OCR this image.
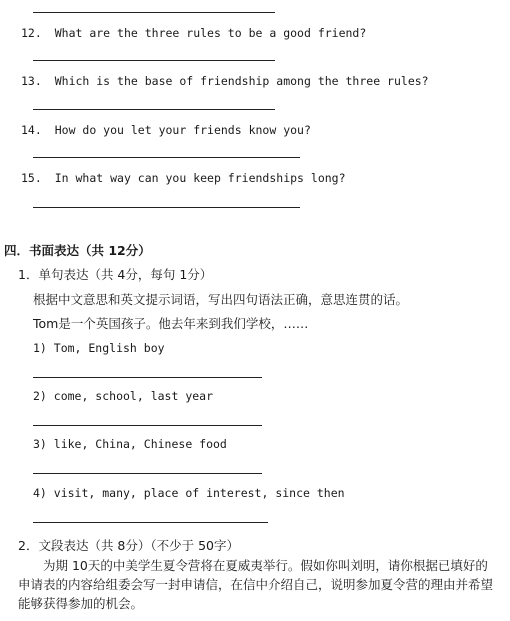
12. What are the three rules to be a good friend?
13. Which is the base of friendship among the three rules?
14. How do you let your friends know you?
15. In what way can you keep friendships long?
四．书面表达（共 12分）
1．单句表达（共 4分，每句 1分）
根据中文意思和英文提示词语，写出四句语法正确，意思连贯的话。
Tom是一个英国孩子。他去年来到我们学校，……
1) Tom, English boy
2) come, school, last year
3) like, China, Chinese food
4) visit, many, place of interest, since then
2．文段表达（共 8分）（不少于 50字）
为期 10天的中美学生夏令营将在夏威夷举行。假如你叫刘明，请你根据已填好的申请表的内容给组委会写一封申请信，在信中介绍自己，说明参加夏令营的理由并希望能够获得参加的机会。
